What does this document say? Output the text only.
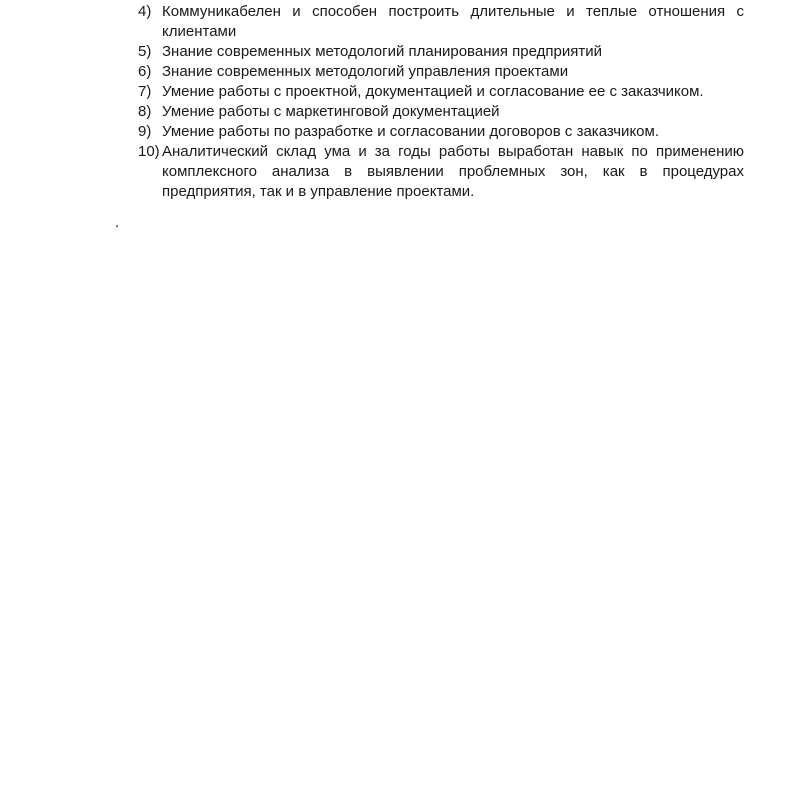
4) Коммуникабелен и способен построить длительные и теплые отношения с клиентами
5) Знание современных методологий планирования предприятий
6) Знание современных методологий управления проектами
7) Умение работы с проектной, документацией и согласование ее с заказчиком.
8) Умение работы с маркетинговой документацией
9) Умение работы по разработке и согласовании договоров с заказчиком.
10) Аналитический склад ума и за годы работы выработан навык по применению комплексного анализа в выявлении проблемных зон, как в процедурах предприятия, так и в управление проектами.
.
